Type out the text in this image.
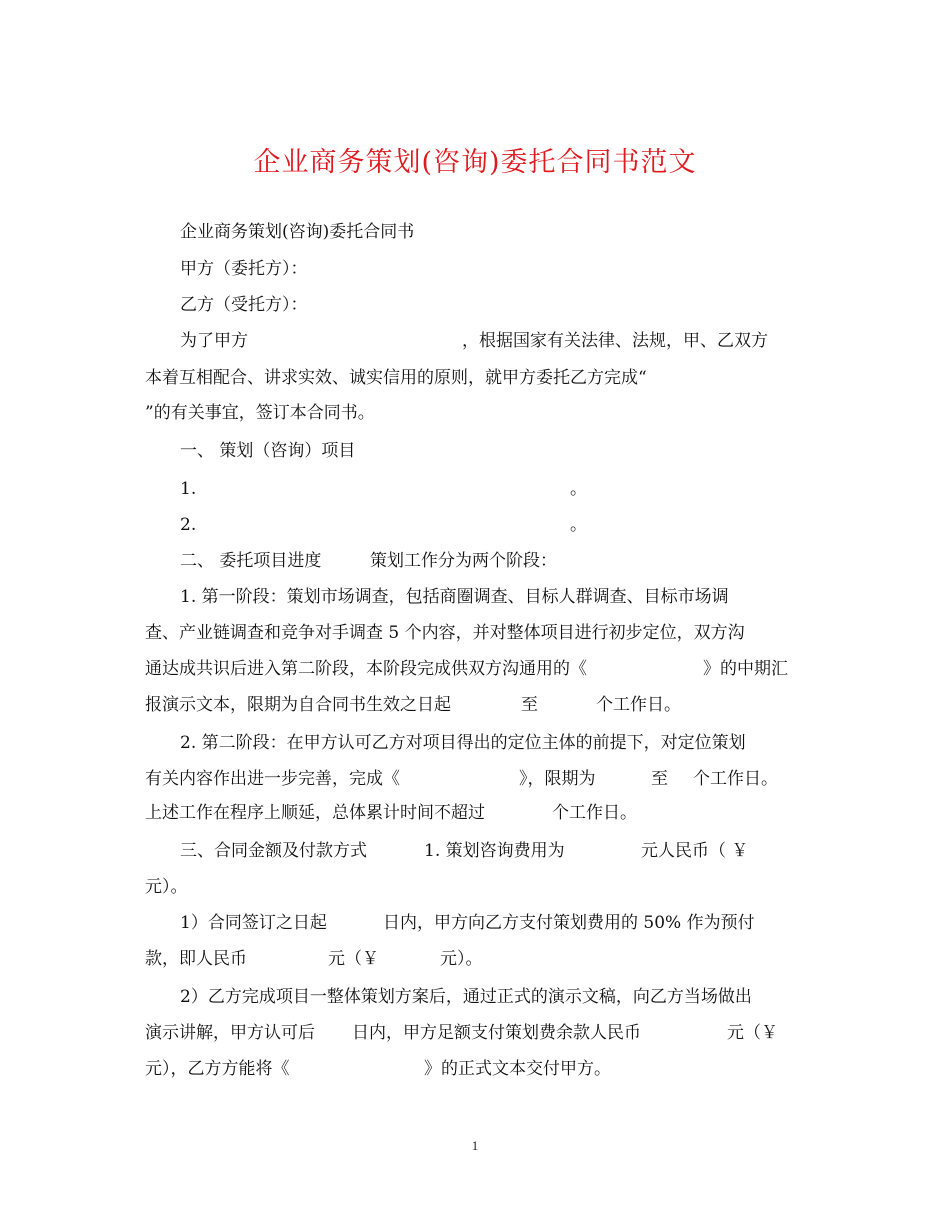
企业商务策划(咨询)委托合同书范文
企业商务策划(咨询)委托合同书
甲方（委托方）：
乙方（受托方）：
为了甲方	，根据国家有关法律、法规，甲、乙双方
本着互相配合、讲求实效、诚实信用的原则，就甲方委托乙方完成“
”的有关事宜，签订本合同书。
一、 策划（咨询）项目
1.	。
2.	。
二、 委托项目进度	策划工作分为两个阶段：
1. 第一阶段：策划市场调查，包括商圈调查、目标人群调查、目标市场调
查、产业链调查和竞争对手调查 5 个内容，并对整体项目进行初步定位，双方沟
通达成共识后进入第二阶段，本阶段完成供双方沟通用的《	》的中期汇
报演示文本，限期为自合同书生效之日起	至	个工作日。
2. 第二阶段：在甲方认可乙方对项目得出的定位主体的前提下，对定位策划
有关内容作出进一步完善，完成《	》，限期为	至 个工作日。
上述工作在程序上顺延，总体累计时间不超过	个工作日。
三、合同金额及付款方式	1. 策划咨询费用为	元人民币（ ￥
元）。
1）合同签订之日起	日内，甲方向乙方支付策划费用的 50% 作为预付
款，即人民币	元（￥	元）。
2）乙方完成项目一整体策划方案后，通过正式的演示文稿，向乙方当场做出
演示讲解，甲方认可后 日内，甲方足额支付策划费余款人民币	元（￥
元），乙方方能将《	》的正式文本交付甲方。
1
